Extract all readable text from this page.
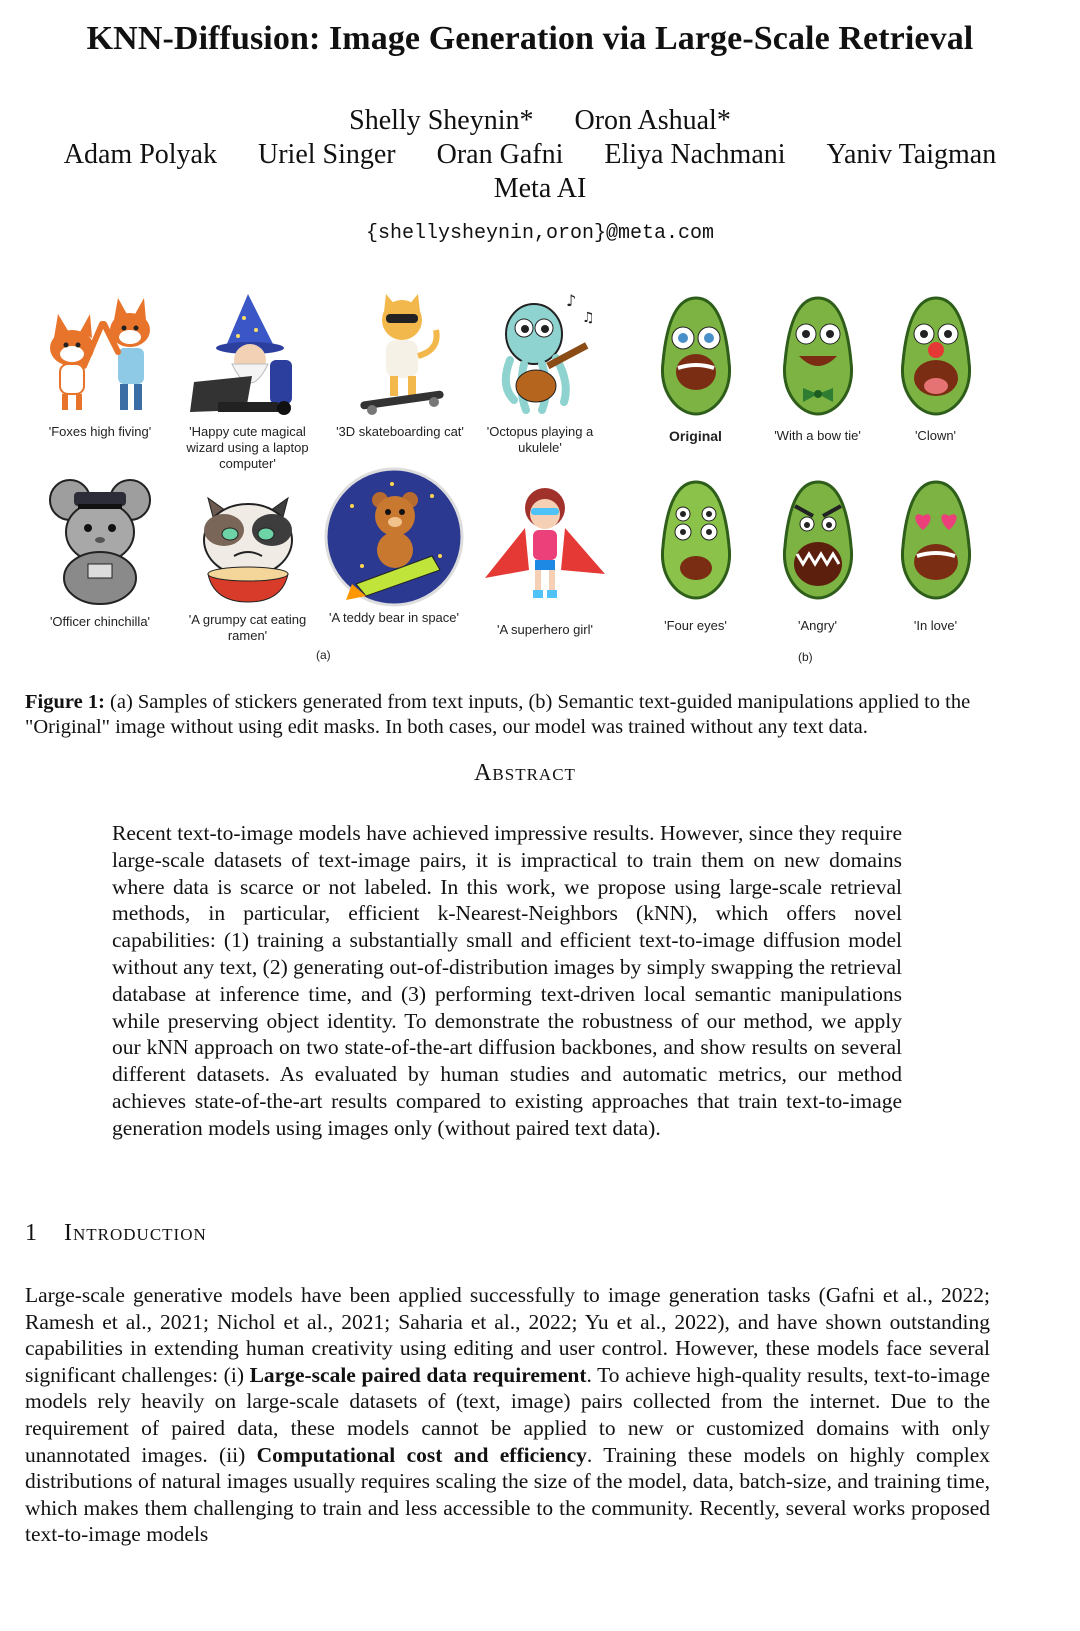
KNN-Diffusion: Image Generation via Large-Scale Retrieval
Shelly Sheynin* Oron Ashual*
Adam Polyak Uriel Singer Oran Gafni Eliya Nachmani Yaniv Taigman
Meta AI
{shellysheynin,oron}@meta.com
'Foxes high fiving'	'Happy cute magical wizard using a laptop computer'
'3D skateboarding cat'
♪
♫
'Octopus playing a ukulele'
Original	'With a bow tie'	'Clown'
'Officer chinchilla'	'A grumpy cat eating ramen'
'A teddy bear in space'
'A superhero girl'	'Four eyes'	'Angry'	'In love'
(a)	(b)
Figure 1: (a) Samples of stickers generated from text inputs, (b) Semantic text-guided manipulations applied to the "Original" image without using edit masks. In both cases, our model was trained without any text data.
Abstract
Recent text-to-image models have achieved impressive results. However, since they require large-scale datasets of text-image pairs, it is impractical to train them on new domains where data is scarce or not labeled. In this work, we propose using large-scale retrieval methods, in particular, efficient k-Nearest-Neighbors (kNN), which offers novel capabilities: (1) training a substantially small and efficient text-to-image diffusion model without any text, (2) generating out-of-distribution images by simply swapping the retrieval database at inference time, and (3) performing text-driven local semantic manipulations while preserving object identity. To demonstrate the robustness of our method, we apply our kNN approach on two state-of-the-art diffusion backbones, and show results on several different datasets. As evaluated by human studies and automatic metrics, our method achieves state-of-the-art results compared to existing approaches that train text-to-image generation models using images only (without paired text data).
1 Introduction
Large-scale generative models have been applied successfully to image generation tasks (Gafni et al., 2022; Ramesh et al., 2021; Nichol et al., 2021; Saharia et al., 2022; Yu et al., 2022), and have shown outstanding capabilities in extending human creativity using editing and user control. However, these models face several significant challenges: (i) Large-scale paired data requirement. To achieve high-quality results, text-to-image models rely heavily on large-scale datasets of (text, image) pairs collected from the internet. Due to the requirement of paired data, these models cannot be applied to new or customized domains with only unannotated images. (ii) Computational cost and efficiency. Training these models on highly complex distributions of natural images usually requires scaling the size of the model, data, batch-size, and training time, which makes them challenging to train and less accessible to the community. Recently, several works proposed text-to-image models
